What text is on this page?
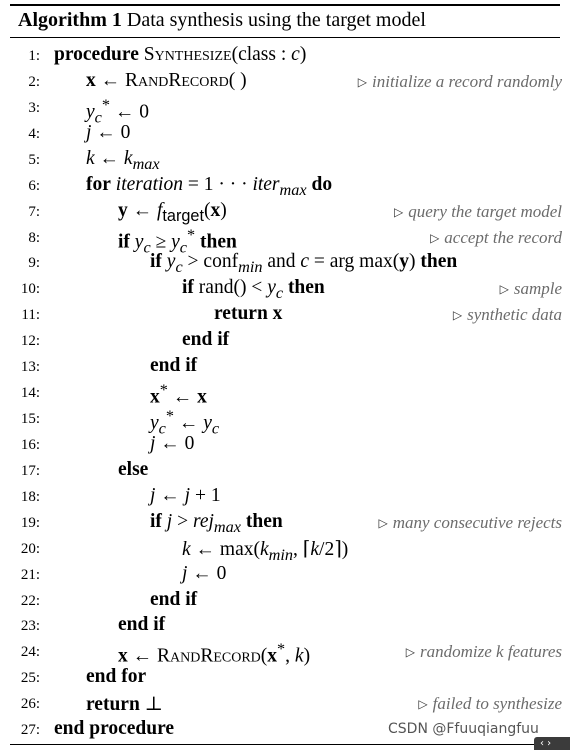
Algorithm 1 Data synthesis using the target model
1: procedure Synthesize(class : c)
2: x ← RandRecord( )	▷ initialize a record randomly
3: $y_c^*$ ← 0
4: j ← 0
5: k ← $k_{max}$
6: for iteration = 1 · · · iter$_{max}$ do
7:	y ← $f_{target}(x)$	▷ query the target model
8:	if $y_c \ge y_c^*$ then	▷ accept the record
9:	if $y_c$ > conf$_{min}$ and c = arg max(y) then
10:	if rand() < $y_c$ then	▷ sample
11:	return x	▷ synthetic data
12:	end if
13:	end if
14:	x* ← x
15:	$y_c^*$ ← $y_c$
16:	j ← 0
17:	else
18:	j ← j + 1
19:	if j > rej$_{max}$ then	▷ many consecutive rejects
20:	k ← $\max(k_{min}$, ⌈k/2⌉)
21:	j ← 0
22:	end if
23:	end if
24:	x ← RandRecord(x*, k)	▷ randomize k features
25: end for
26: return ⊥	▷ failed to synthesize
27: end procedure	CSDN @Ffuuqiangfuu
‹ ›
